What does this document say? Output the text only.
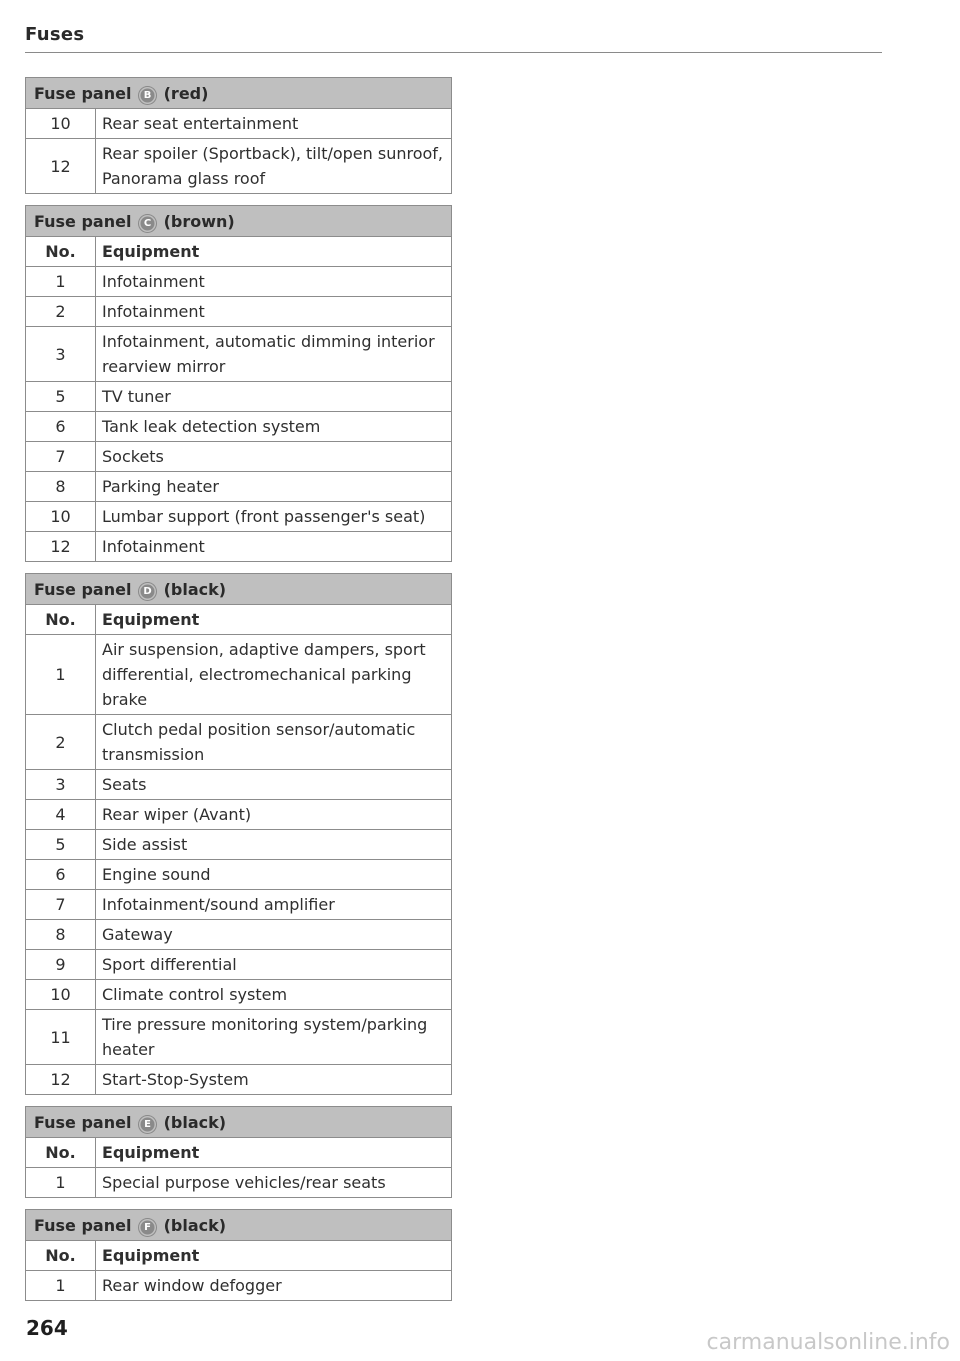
Fuses
Fuse panel B (red)	
10	Rear seat entertainment
12	Rear spoiler (Sportback), tilt/open sunroof, Panorama glass roof
Fuse panel C (brown)	
No.	Equipment
1	Infotainment
2	Infotainment
3	Infotainment, automatic dimming interior rearview mirror
5	TV tuner
6	Tank leak detection system
7	Sockets
8	Parking heater
10	Lumbar support (front passenger's seat)
12	Infotainment
Fuse panel D (black)	
No.	Equipment
1	Air suspension, adaptive dampers, sport differential, electromechanical parking brake
2	Clutch pedal position sensor/automatic transmission
3	Seats
4	Rear wiper (Avant)
5	Side assist
6	Engine sound
7	Infotainment/sound amplifier
8	Gateway
9	Sport differential
10	Climate control system
11	Tire pressure monitoring system/parking heater
12	Start-Stop-System
Fuse panel E (black)	
No.	Equipment
1	Special purpose vehicles/rear seats
Fuse panel F (black)	
No.	Equipment
1	Rear window defogger
264
carmanualsonline.info
